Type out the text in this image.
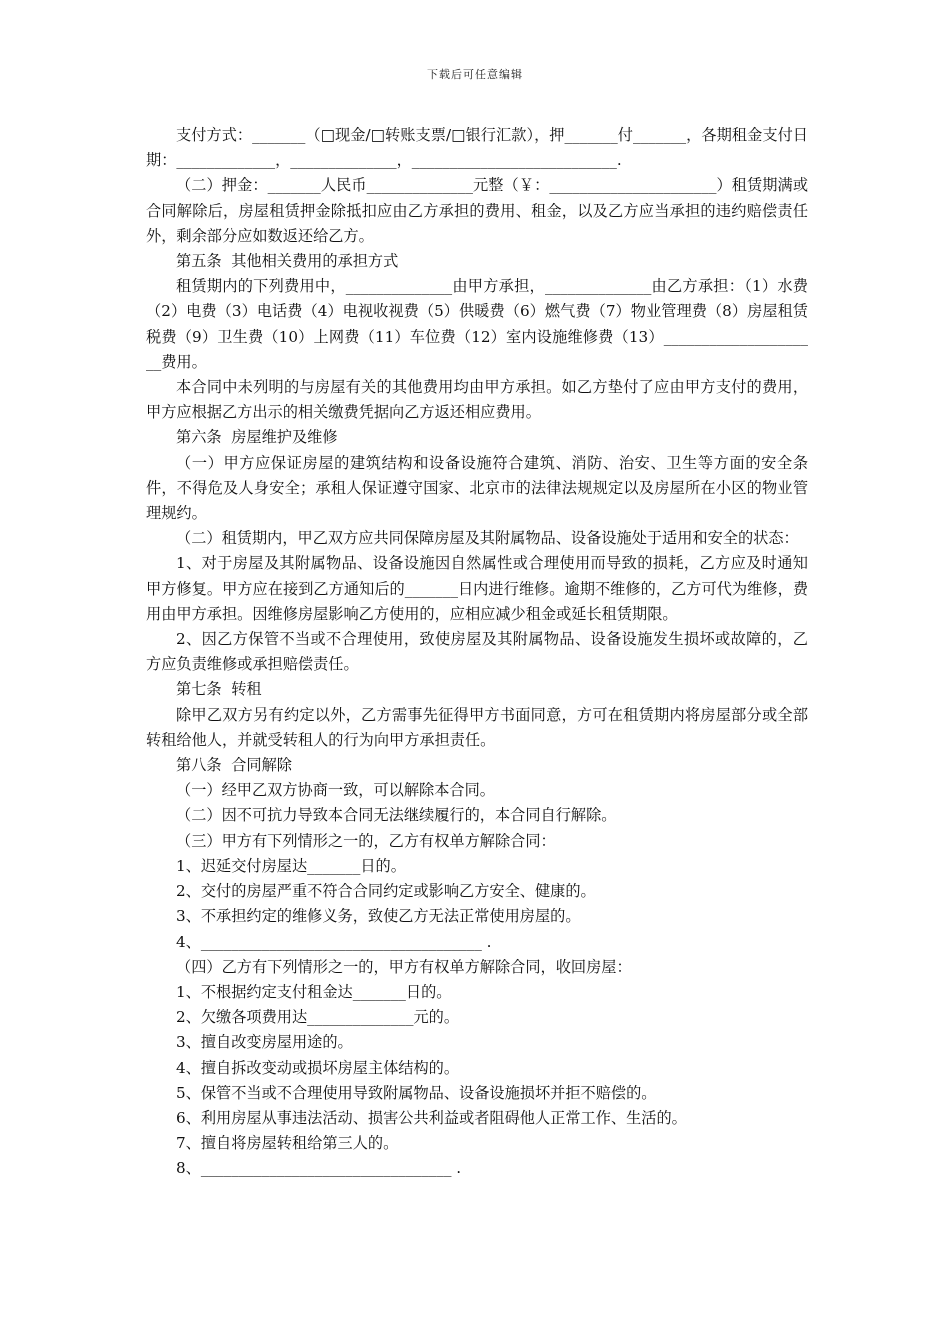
下载后可任意编辑

支付方式：_______（□现金/□转账支票/□银行汇款），押_______付_______，各期租金支付日期：_____________，______________，___________________________.

（二）押金：_______人民币______________元整（￥：______________________）租赁期满或合同解除后，房屋租赁押金除抵扣应由乙方承担的费用、租金，以及乙方应当承担的违约赔偿责任外，剩余部分应如数返还给乙方。

第五条  其他相关费用的承担方式

租赁期内的下列费用中，______________由甲方承担，______________由乙方承担：（1）水费（2）电费（3）电话费（4）电视收视费（5）供暖费（6）燃气费（7）物业管理费（8）房屋租赁税费（9）卫生费（10）上网费（11）车位费（12）室内设施维修费（13）_____________________费用。

本合同中未列明的与房屋有关的其他费用均由甲方承担。如乙方垫付了应由甲方支付的费用，甲方应根据乙方出示的相关缴费凭据向乙方返还相应费用。

第六条  房屋维护及维修

（一）甲方应保证房屋的建筑结构和设备设施符合建筑、消防、治安、卫生等方面的安全条件，不得危及人身安全；承租人保证遵守国家、北京市的法律法规规定以及房屋所在小区的物业管理规约。

（二）租赁期内，甲乙双方应共同保障房屋及其附属物品、设备设施处于适用和安全的状态：

1、对于房屋及其附属物品、设备设施因自然属性或合理使用而导致的损耗，乙方应及时通知甲方修复。甲方应在接到乙方通知后的_______日内进行维修。逾期不维修的，乙方可代为维修，费用由甲方承担。因维修房屋影响乙方使用的，应相应减少租金或延长租赁期限。

2、因乙方保管不当或不合理使用，致使房屋及其附属物品、设备设施发生损坏或故障的，乙方应负责维修或承担赔偿责任。

第七条  转租

除甲乙双方另有约定以外，乙方需事先征得甲方书面同意，方可在租赁期内将房屋部分或全部转租给他人，并就受转租人的行为向甲方承担责任。

第八条  合同解除

（一）经甲乙双方协商一致，可以解除本合同。

（二）因不可抗力导致本合同无法继续履行的，本合同自行解除。

（三）甲方有下列情形之一的，乙方有权单方解除合同：

1、迟延交付房屋达_______日的。

2、交付的房屋严重不符合合同约定或影响乙方安全、健康的。

3、不承担约定的维修义务，致使乙方无法正常使用房屋的。

4、_____________________________________ .

（四）乙方有下列情形之一的，甲方有权单方解除合同，收回房屋：

1、不根据约定支付租金达_______日的。

2、欠缴各项费用达______________元的。

3、擅自改变房屋用途的。

4、擅自拆改变动或损坏房屋主体结构的。

5、保管不当或不合理使用导致附属物品、设备设施损坏并拒不赔偿的。

6、利用房屋从事违法活动、损害公共利益或者阻碍他人正常工作、生活的。

7、擅自将房屋转租给第三人的。

8、_________________________________ .
